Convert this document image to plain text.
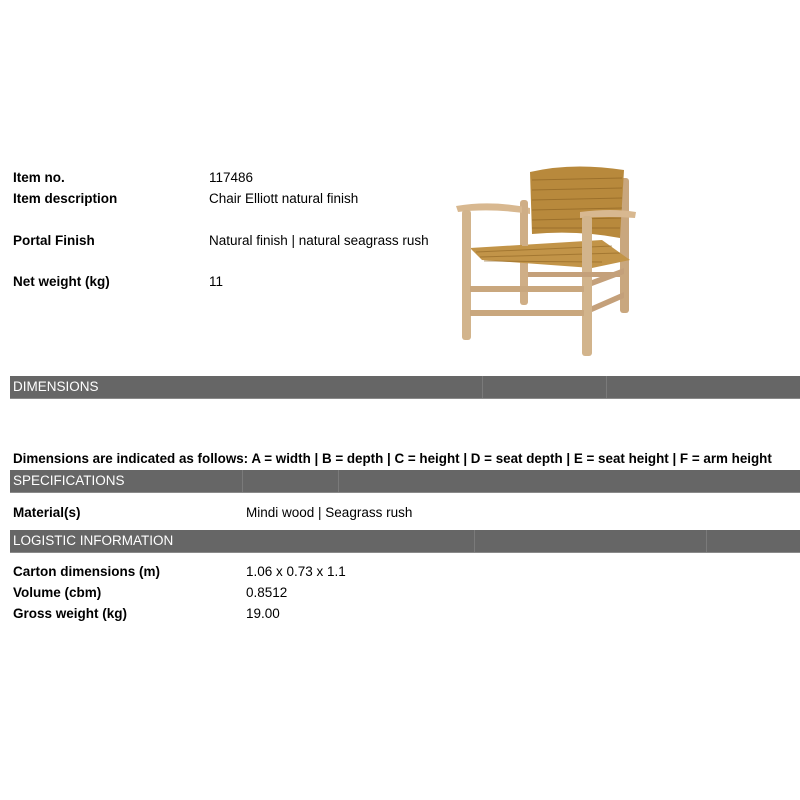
Item no.	117486
Item description	Chair Elliott natural finish
Portal Finish	Natural finish | natural seagrass rush
Net weight (kg)	11
DIMENSIONS
Dimensions are indicated as follows: A = width | B = depth | C = height | D = seat depth | E = seat height | F = arm height
SPECIFICATIONS
Material(s)	Mindi wood | Seagrass rush
LOGISTIC INFORMATION
Carton dimensions (m)	1.06 x 0.73 x 1.1
Volume (cbm)	0.8512
Gross weight (kg)	19.00
